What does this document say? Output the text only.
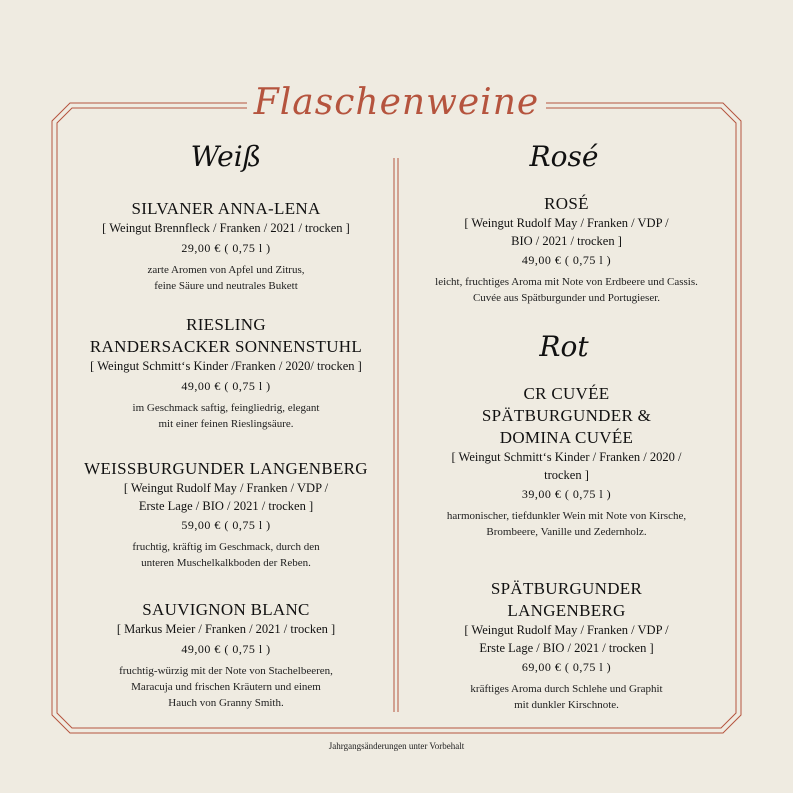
Flaschenweine
Weiß	Rosé
Rot
SILVANER ANNA-LENA
[ Weingut Brennfleck / Franken / 2021 / trocken ]
29,00 € ( 0,75 l )
zarte Aromen von Apfel und Zitrus,
feine Säure und neutrales Bukett
RIESLING
RANDERSACKER SONNENSTUHL
[ Weingut Schmitt‘s Kinder /Franken / 2020/ trocken ]
49,00 € ( 0,75 l )
im Geschmack saftig, feingliedrig, elegant
mit einer feinen Rieslingsäure.
WEISSBURGUNDER LANGENBERG
[ Weingut Rudolf May / Franken / VDP /
Erste Lage / BIO / 2021 / trocken ]
59,00 € ( 0,75 l )
fruchtig, kräftig im Geschmack, durch den
unteren Muschelkalkboden der Reben.
SAUVIGNON BLANC
[ Markus Meier / Franken / 2021 / trocken ]
49,00 € ( 0,75 l )
fruchtig-würzig mit der Note von Stachelbeeren,
Maracuja und frischen Kräutern und einem
Hauch von Granny Smith.
ROSÉ
[ Weingut Rudolf May / Franken / VDP /
BIO / 2021 / trocken ]
49,00 € ( 0,75 l )
leicht, fruchtiges Aroma mit Note von Erdbeere und Cassis.
Cuvée aus Spätburgunder und Portugieser.
CR CUVÉE
SPÄTBURGUNDER &
DOMINA CUVÉE
[ Weingut Schmitt‘s Kinder / Franken / 2020 /
trocken ]
39,00 € ( 0,75 l )
harmonischer, tiefdunkler Wein mit Note von Kirsche,
Brombeere, Vanille und Zedernholz.
SPÄTBURGUNDER
LANGENBERG
[ Weingut Rudolf May / Franken / VDP /
Erste Lage / BIO / 2021 / trocken ]
69,00 € ( 0,75 l )
kräftiges Aroma durch Schlehe und Graphit
mit dunkler Kirschnote.
Jahrgangsänderungen unter Vorbehalt
